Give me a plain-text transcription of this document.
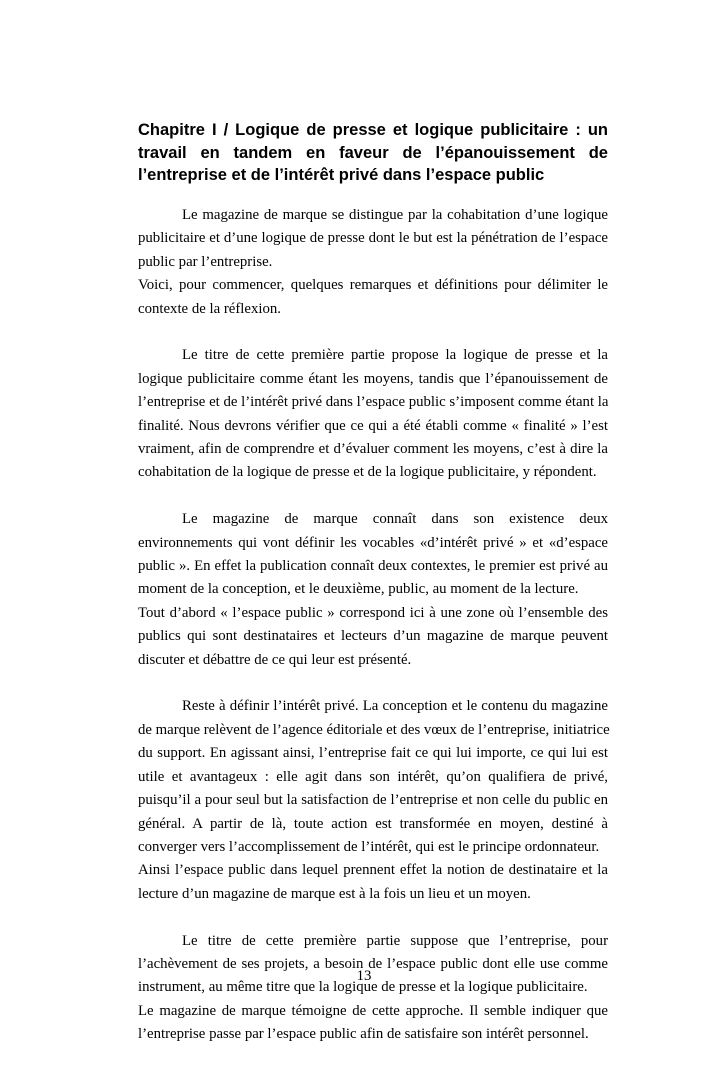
Chapitre I / Logique de presse et logique publicitaire : un
travail en tandem en faveur de l’épanouissement de
l’entreprise et de l’intérêt privé dans l’espace public
Le magazine de marque se distingue par la cohabitation d’une logique
publicitaire et d’une logique de presse dont le but est la pénétration de l’espace
public par l’entreprise.
Voici, pour commencer, quelques remarques et définitions pour délimiter le
contexte de la réflexion.
Le titre de cette première partie propose la logique de presse et la
logique publicitaire comme étant les moyens, tandis que l’épanouissement de
l’entreprise et de l’intérêt privé dans l’espace public s’imposent comme étant la
finalité. Nous devrons vérifier que ce qui a été établi comme « finalité » l’est
vraiment, afin de comprendre et d’évaluer comment les moyens, c’est à dire la
cohabitation de la logique de presse et de la logique publicitaire, y répondent.
Le magazine de marque connaît dans son existence deux
environnements qui vont définir les vocables «d’intérêt privé » et «d’espace
public ». En effet la publication connaît deux contextes, le premier est privé au
moment de la conception, et le deuxième, public, au moment de la lecture.
Tout d’abord « l’espace public » correspond ici à une zone où l’ensemble des
publics qui sont destinataires et lecteurs d’un magazine de marque peuvent
discuter et débattre de ce qui leur est présenté.
Reste à définir l’intérêt privé. La conception et le contenu du magazine
de marque relèvent de l’agence éditoriale et des vœux de l’entreprise, initiatrice
du support. En agissant ainsi, l’entreprise fait ce qui lui importe, ce qui lui est
utile et avantageux : elle agit dans son intérêt, qu’on qualifiera de privé,
puisqu’il a pour seul but la satisfaction de l’entreprise et non celle du public en
général. A partir de là, toute action est transformée en moyen, destiné à
converger vers l’accomplissement de l’intérêt, qui est le principe ordonnateur.
Ainsi l’espace public dans lequel prennent effet la notion de destinataire et la
lecture d’un magazine de marque est à la fois un lieu et un moyen.
Le titre de cette première partie suppose que l’entreprise, pour
l’achèvement de ses projets, a besoin de l’espace public dont elle use comme
instrument, au même titre que la logique de presse et la logique publicitaire.
Le magazine de marque témoigne de cette approche. Il semble indiquer que
l’entreprise passe par l’espace public afin de satisfaire son intérêt personnel.
13
